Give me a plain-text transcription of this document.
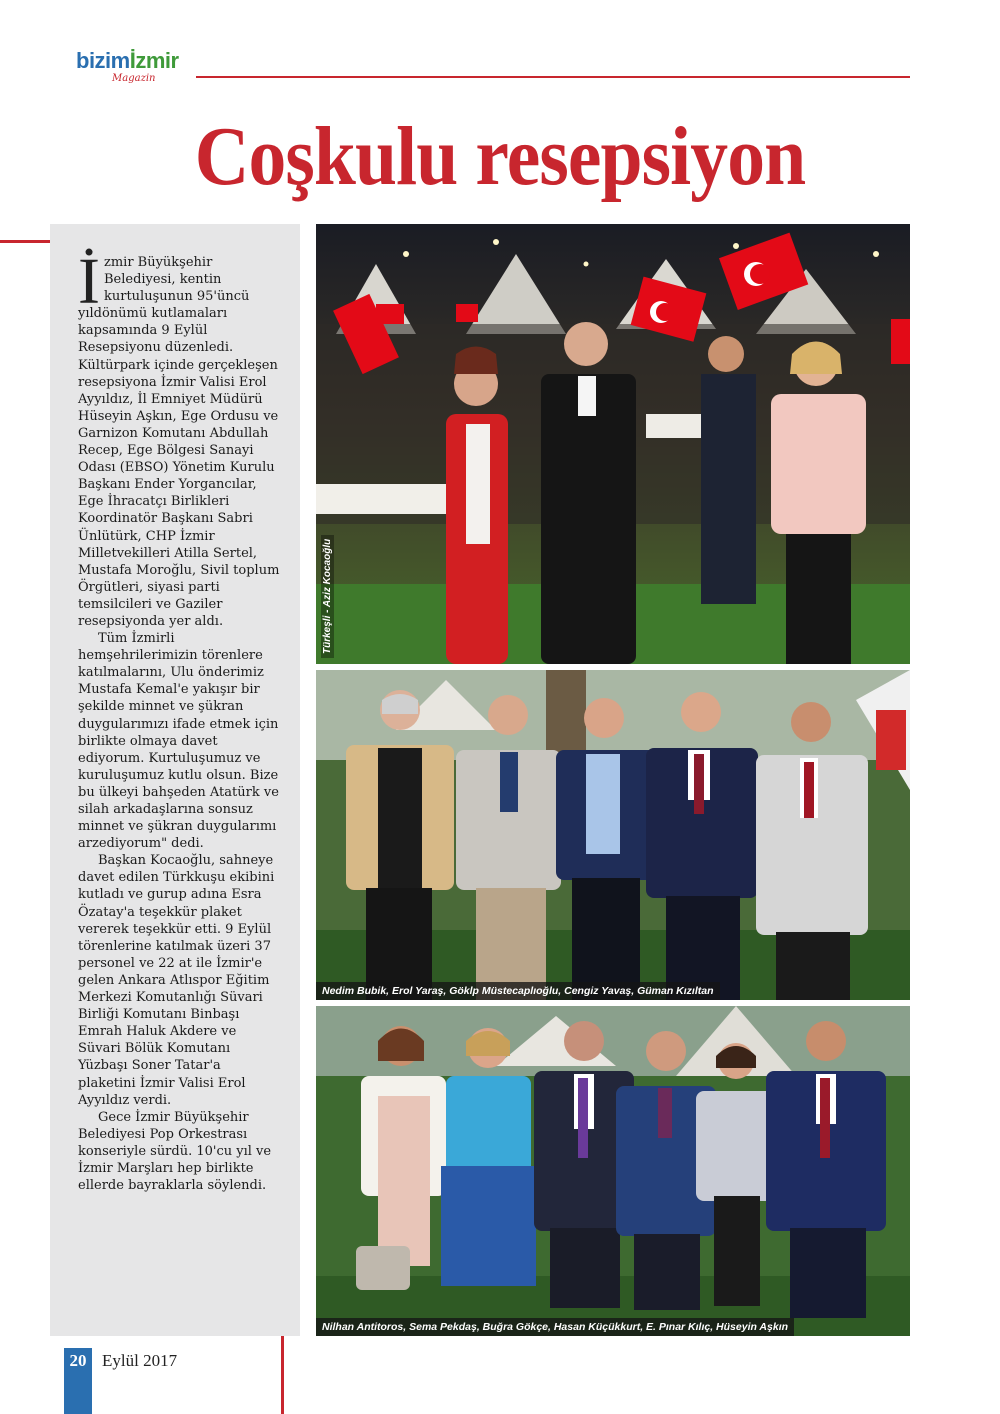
bizimİzmir
Magazin
Coşkulu resepsiyon

İzmir Büyükşehir Belediyesi, kentin kurtuluşunun 95'üncü yıldönümü kutlamaları kapsamında 9 Eylül Resepsiyonu düzenledi. Kültürpark içinde gerçekleşen resepsiyona İzmir Valisi Erol Ayyıldız, İl Emniyet Müdürü Hüseyin Aşkın, Ege Ordusu ve Garnizon Komutanı Abdullah Recep, Ege Bölgesi Sanayi Odası (EBSO) Yönetim Kurulu Başkanı Ender Yorgancılar, Ege İhracatçı Birlikleri Koordinatör Başkanı Sabri Ünlütürk, CHP İzmir Milletvekilleri Atilla Sertel, Mustafa Moroğlu, Sivil toplum Örgütleri, siyasi parti temsilcileri ve Gaziler resepsiyonda yer aldı.

Tüm İzmirli hemşehrilerimizin törenlere katılmalarını, Ulu önderimiz Mustafa Kemal'e yakışır bir şekilde minnet ve şükran duygularımızı ifade etmek için birlikte olmaya davet ediyorum. Kurtuluşumuz ve kuruluşumuz kutlu olsun. Bize bu ülkeyi bahşeden Atatürk ve silah arkadaşlarına sonsuz minnet ve şükran duygularımı arzediyorum" dedi.

Başkan Kocaoğlu, sahneye davet edilen Türkkuşu ekibini kutladı ve gurup adına Esra Özatay'a teşekkür plaket vererek teşekkür etti. 9 Eylül törenlerine katılmak üzeri 37 personel ve 22 at ile İzmir'e gelen Ankara Atlıspor Eğitim Merkezi Komutanlığı Süvari Birliği Komutanı Binbaşı Emrah Haluk Akdere ve Süvari Bölük Komutanı Yüzbaşı Soner Tatar'a plaketini İzmir Valisi Erol Ayyıldız verdi.

Gece İzmir Büyükşehir Belediyesi Pop Orkestrası konseriyle sürdü. 10'cu yıl ve İzmir Marşları hep birlikte ellerde bayraklarla söylendi.

Türkeşli - Aziz Kocaoğlu
Nedim Bubik, Erol Yaraş, Göklp Müstecaplıoğlu, Cengiz Yavaş, Güman Kızıltan
Nilhan Antitoros, Sema Pekdaş, Buğra Gökçe, Hasan Küçükkurt, E. Pınar Kılıç, Hüseyin Aşkın
20 Eylül 2017
